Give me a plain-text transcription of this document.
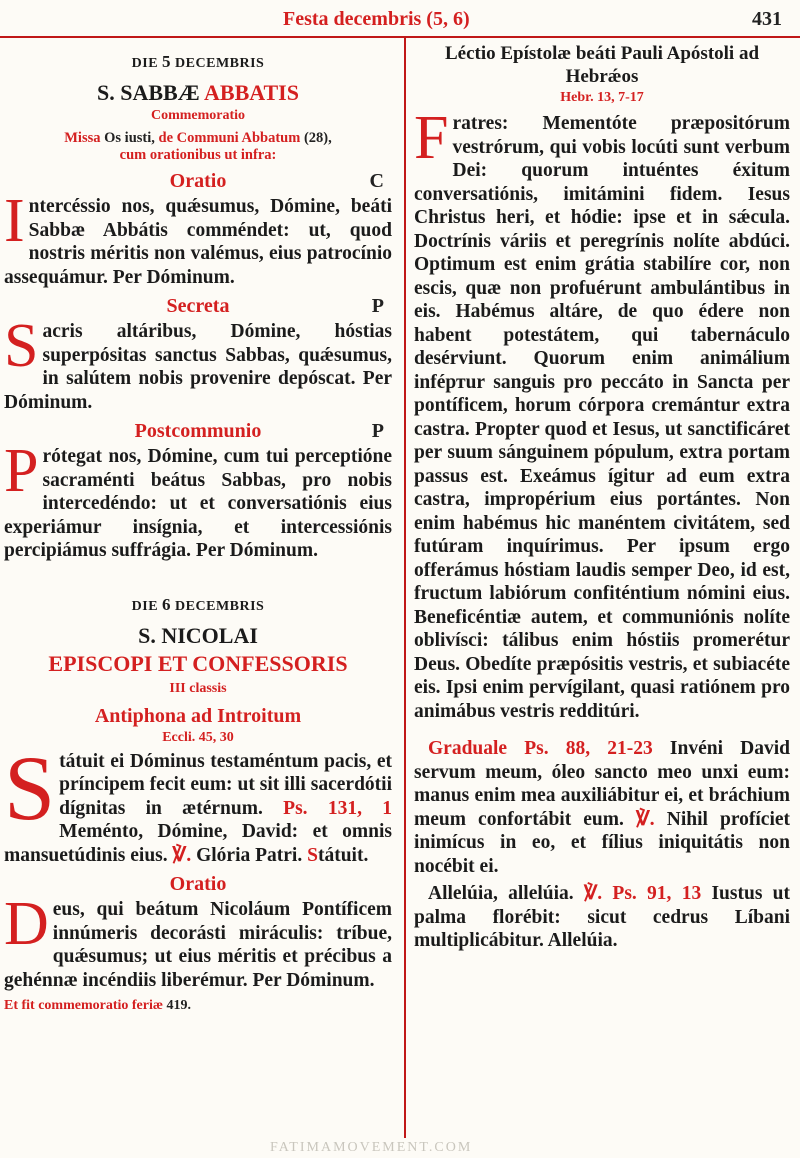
Festa decembris (5, 6)	431
DIE 5 DECEMBRIS
S. SABBÆ ABBATIS
Commemoratio
Missa Os iusti, de Communi Abbatum (28),
cum orationibus ut infra:
Oratio	C

Intercéssio nos, quǽsumus, Dómine, beáti Sabbæ Abbátis comméndet: ut, quod nostris méritis non valémus, eius patrocínio assequámur. Per Dóminum.

Secreta	P

Sacris altáribus, Dómine, hóstias superpósitas sanctus Sabbas, quǽsumus, in salútem nobis provenire depóscat. Per Dóminum.

Postcommunio	P

Prótegat nos, Dómine, cum tui perceptióne sacraménti beátus Sabbas, pro nobis intercedéndo: ut et conversatiónis eius experiámur insígnia, et intercessiónis percipiámus suffrágia. Per Dóminum.

DIE 6 DECEMBRIS
S. NICOLAI
EPISCOPI ET CONFESSORIS
III classis
Antiphona ad Introitum
Eccli. 45, 30

Státuit ei Dóminus testaméntum pacis, et príncipem fecit eum: ut sit illi sacerdótii dígnitas in ætérnum. Ps. 131, 1 Meménto, Dómine, David: et omnis mansuetúdinis eius. ℣. Glória Patri. Státuit.

Oratio

Deus, qui beátum Nicoláum Pontíficem innúmeris decorásti miráculis: tríbue, quǽsumus; ut eius méritis et précibus a gehénnæ incéndiis liberémur. Per Dóminum.

Et fit commemoratio feriæ 419.

Léctio Epístolæ beáti Pauli Apóstoli ad Hebrǽos

Hebr. 13, 7-17

Fratres: Mementóte præpositórum vestrórum, qui vobis locúti sunt verbum Dei: quorum intuéntes éxitum conversatiónis, imitámini fidem. Iesus Christus heri, et hódie: ipse et in sǽcula. Doctrínis váriis et peregrínis nolíte abdúci. Optimum est enim grátia stabilíre cor, non escis, quæ non profuérunt ambulántibus in eis. Habémus altáre, de quo édere non habent potestátem, qui tabernáculo desérviunt. Quorum enim animálium inféртur sanguis pro peccáto in Sancta per pontíficem, horum córpora cremántur extra castra. Propter quod et Iesus, ut sanctificáret per suum sánguinem pópulum, extra portam passus est. Exeámus ígitur ad eum extra castra, impropérium eius portántes. Non enim habémus hic manéntem civitátem, sed futúram inquírimus. Per ipsum ergo offerámus hóstiam laudis semper Deo, id est, fructum labiórum confiténtium nómini eius. Beneficéntiæ autem, et communiónis nolíte oblivísci: tálibus enim hóstiis promerétur Deus. Obedíte præpósitis vestris, et subiacéte eis. Ipsi enim pervígilant, quasi ratiónem pro animábus vestris redditúri.

Graduale Ps. 88, 21-23 Invéni David servum meum, óleo sancto meo unxi eum: manus enim mea auxiliábitur ei, et bráchium meum confortábit eum. ℣. Nihil profíciet inimícus in eo, et fílius iniquitátis non nocébit ei.

Allelúia, allelúia. ℣. Ps. 91, 13 Iustus ut palma florébit: sicut cedrus Líbani multiplicábitur. Allelúia.

FATIMAMOVEMENT.COM
